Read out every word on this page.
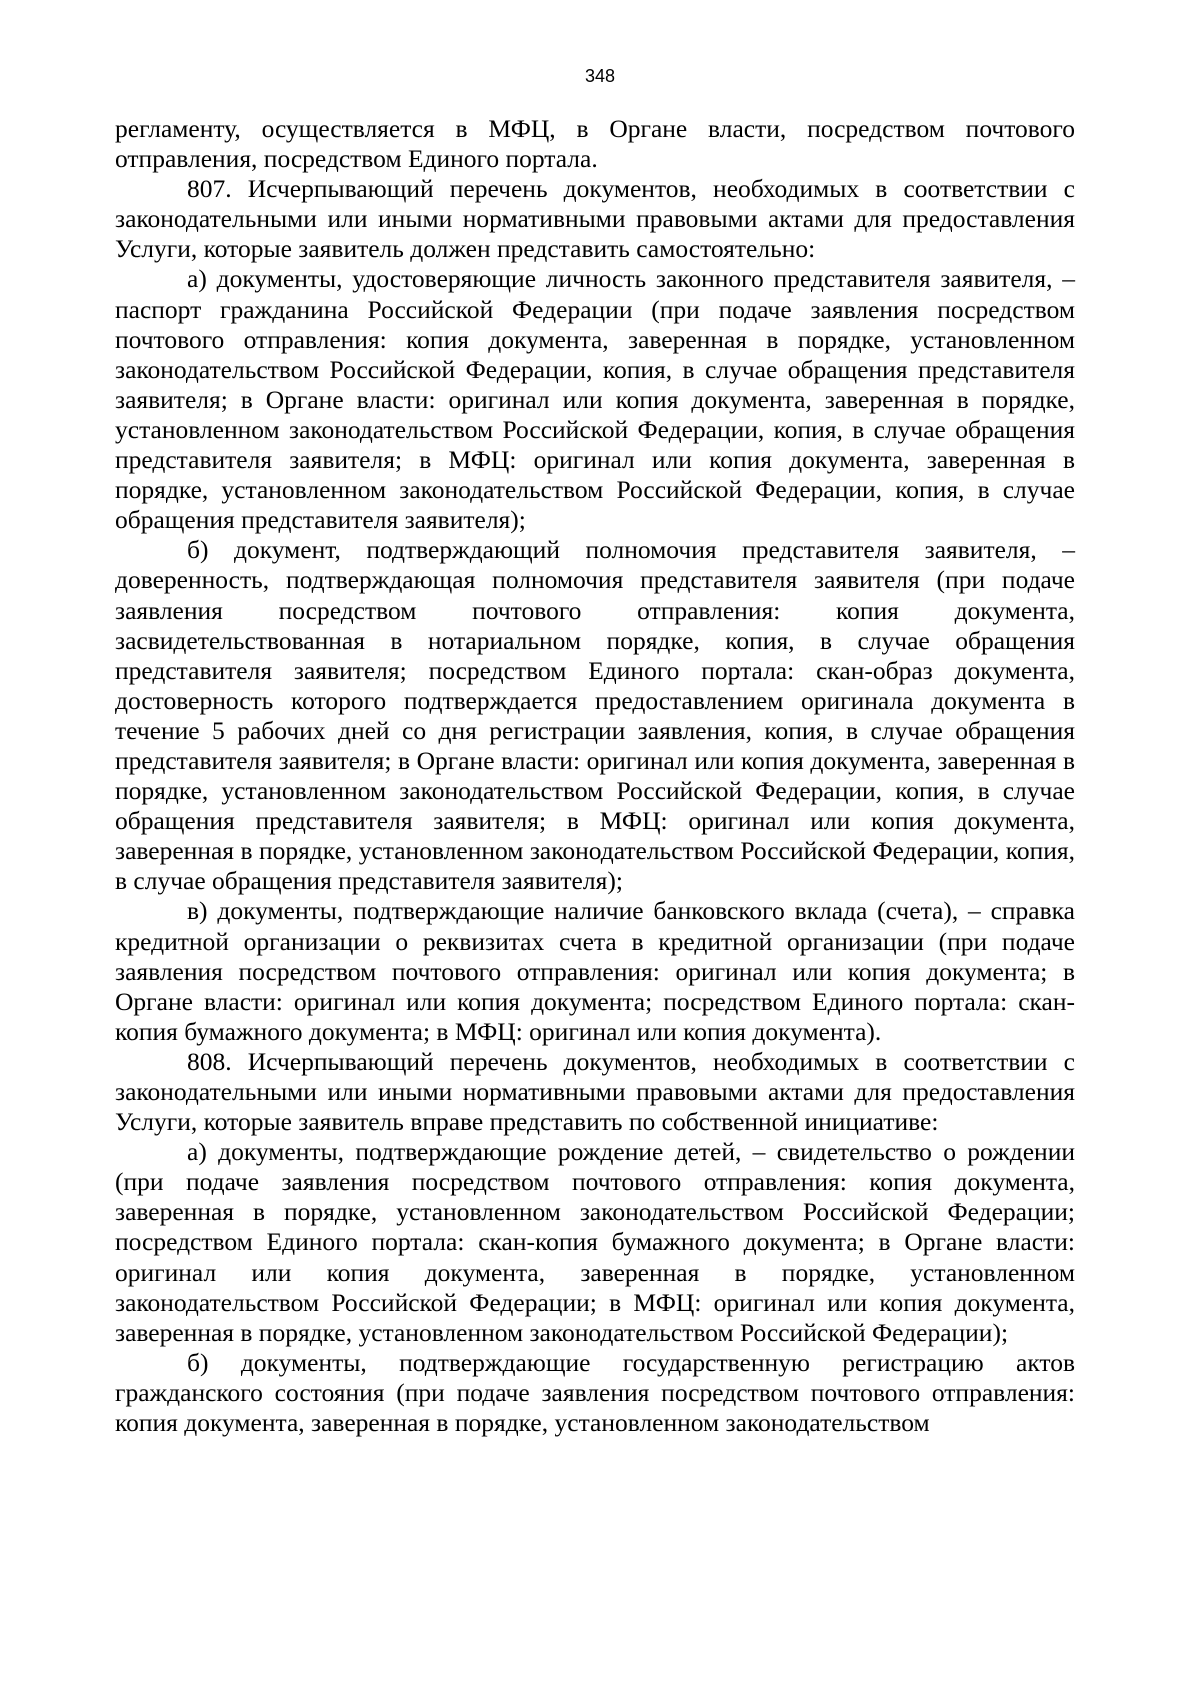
348

регламенту, осуществляется в МФЦ, в Органе власти, посредством почтового отправления, посредством Единого портала.

807. Исчерпывающий перечень документов, необходимых в соответствии с законодательными или иными нормативными правовыми актами для предоставления Услуги, которые заявитель должен представить самостоятельно:

а) документы, удостоверяющие личность законного представителя заявителя, – паспорт гражданина Российской Федерации (при подаче заявления посредством почтового отправления: копия документа, заверенная в порядке, установленном законодательством Российской Федерации, копия, в случае обращения представителя заявителя; в Органе власти: оригинал или копия документа, заверенная в порядке, установленном законодательством Российской Федерации, копия, в случае обращения представителя заявителя; в МФЦ: оригинал или копия документа, заверенная в порядке, установленном законодательством Российской Федерации, копия, в случае обращения представителя заявителя);

б) документ, подтверждающий полномочия представителя заявителя, – доверенность, подтверждающая полномочия представителя заявителя (при подаче заявления посредством почтового отправления: копия документа, засвидетельствованная в нотариальном порядке, копия, в случае обращения представителя заявителя; посредством Единого портала: скан-образ документа, достоверность которого подтверждается предоставлением оригинала документа в течение 5 рабочих дней со дня регистрации заявления, копия, в случае обращения представителя заявителя; в Органе власти: оригинал или копия документа, заверенная в порядке, установленном законодательством Российской Федерации, копия, в случае обращения представителя заявителя; в МФЦ: оригинал или копия документа, заверенная в порядке, установленном законодательством Российской Федерации, копия, в случае обращения представителя заявителя);

в) документы, подтверждающие наличие банковского вклада (счета), – справка кредитной организации о реквизитах счета в кредитной организации (при подаче заявления посредством почтового отправления: оригинал или копия документа; в Органе власти: оригинал или копия документа; посредством Единого портала: скан-копия бумажного документа; в МФЦ: оригинал или копия документа).

808. Исчерпывающий перечень документов, необходимых в соответствии с законодательными или иными нормативными правовыми актами для предоставления Услуги, которые заявитель вправе представить по собственной инициативе:

а) документы, подтверждающие рождение детей, – свидетельство о рождении (при подаче заявления посредством почтового отправления: копия документа, заверенная в порядке, установленном законодательством Российской Федерации; посредством Единого портала: скан-копия бумажного документа; в Органе власти: оригинал или копия документа, заверенная в порядке, установленном законодательством Российской Федерации; в МФЦ: оригинал или копия документа, заверенная в порядке, установленном законодательством Российской Федерации);

б) документы, подтверждающие государственную регистрацию актов гражданского состояния (при подаче заявления посредством почтового отправления: копия документа, заверенная в порядке, установленном законодательством
